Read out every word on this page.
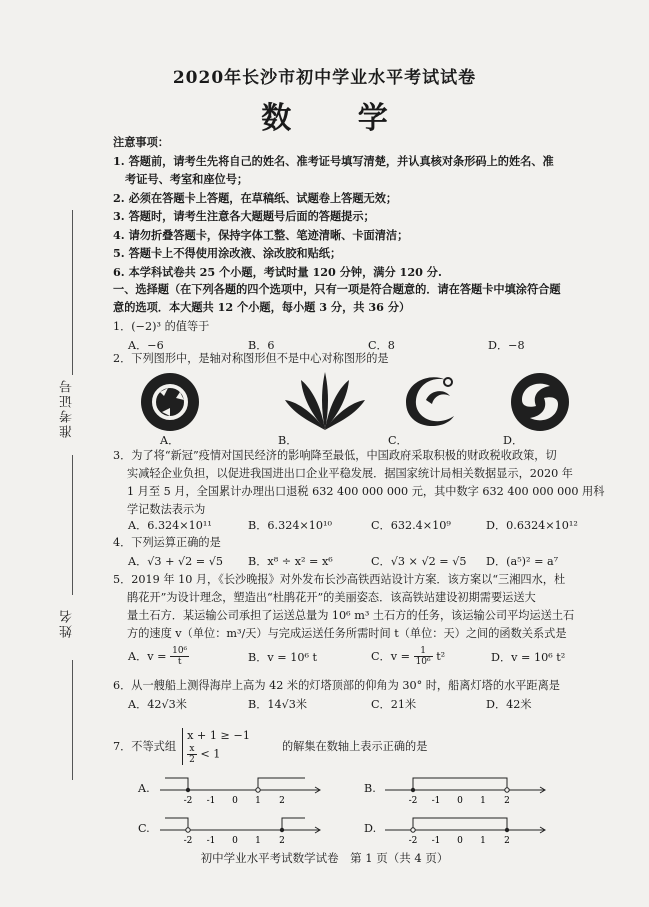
准考证号
姓名
2020年长沙市初中学业水平考试试卷
数 学

注意事项：

1. 答题前，请考生先将自己的姓名、准考证号填写清楚，并认真核对条形码上的姓名、准

考证号、考室和座位号；

2. 必须在答题卡上答题，在草稿纸、试题卷上答题无效；

3. 答题时，请考生注意各大题题号后面的答题提示；

4. 请勿折叠答题卡，保持字体工整、笔迹清晰、卡面清洁；

5. 答题卡上不得使用涂改液、涂改胶和贴纸；

6. 本学科试卷共 25 个小题，考试时量 120 分钟，满分 120 分.

一、选择题（在下列各题的四个选项中，只有一项是符合题意的．请在答题卡中填涂符合题

意的选项．本大题共 12 个小题，每小题 3 分，共 36 分）

1．(−2)³ 的值等于

A．−6	B．6	C．8	D．−8

2．下列图形中，是轴对称图形但不是中心对称图形的是

A．	B．	C．	D．

3．为了将“新冠”疫情对国民经济的影响降至最低，中国政府采取积极的财政税收政策，切

实减轻企业负担，以促进我国进出口企业平稳发展．据国家统计局相关数据显示，2020 年

1 月至 5 月，全国累计办理出口退税 632 400 000 000 元，其中数字 632 400 000 000 用科

学记数法表示为

A．6.324×10¹¹	B．6.324×10¹⁰	C．632.4×10⁹	D．0.6324×10¹²

4．下列运算正确的是

A．√3 + √2 = √5	B．x⁸ ÷ x² = x⁶	C．√3 × √2 = √5	D．(a⁵)² = a⁷

5．2019 年 10 月，《长沙晚报》对外发布长沙高铁西站设计方案．该方案以“三湘四水，杜

鹃花开”为设计理念，塑造出“杜鹃花开”的美丽姿态．该高铁站建设初期需要运送大

量土石方．某运输公司承担了运送总量为 10⁶ m³ 土石方的任务，该运输公司平均运送土石

方的速度 v（单位：m³/天）与完成运送任务所需时间 t（单位：天）之间的函数关系式是

A．$v = \frac{\text{10⁶}}{t}$	B．v = 10⁶ t	C．$v = \frac{1}{\text{10⁶}} t^2$	D．v = 10⁶ t²

6．从一艘船上测得海岸上高为 42 米的灯塔顶部的仰角为 30° 时，船离灯塔的水平距离是

A．42√3米	B．14√3米	C．21米	D．42米
7．不等式组
x + 1 ≥ −1
$\frac{x}{2} < 1$
的解集在数轴上表示正确的是
A.	B.
C.	D.
-2 -1 0 1 2	-2 -1 0 1 2
-2 -1 0 1 2	-2 -1 0 1 2
初中学业水平考试数学试卷　第 1 页（共 4 页）
